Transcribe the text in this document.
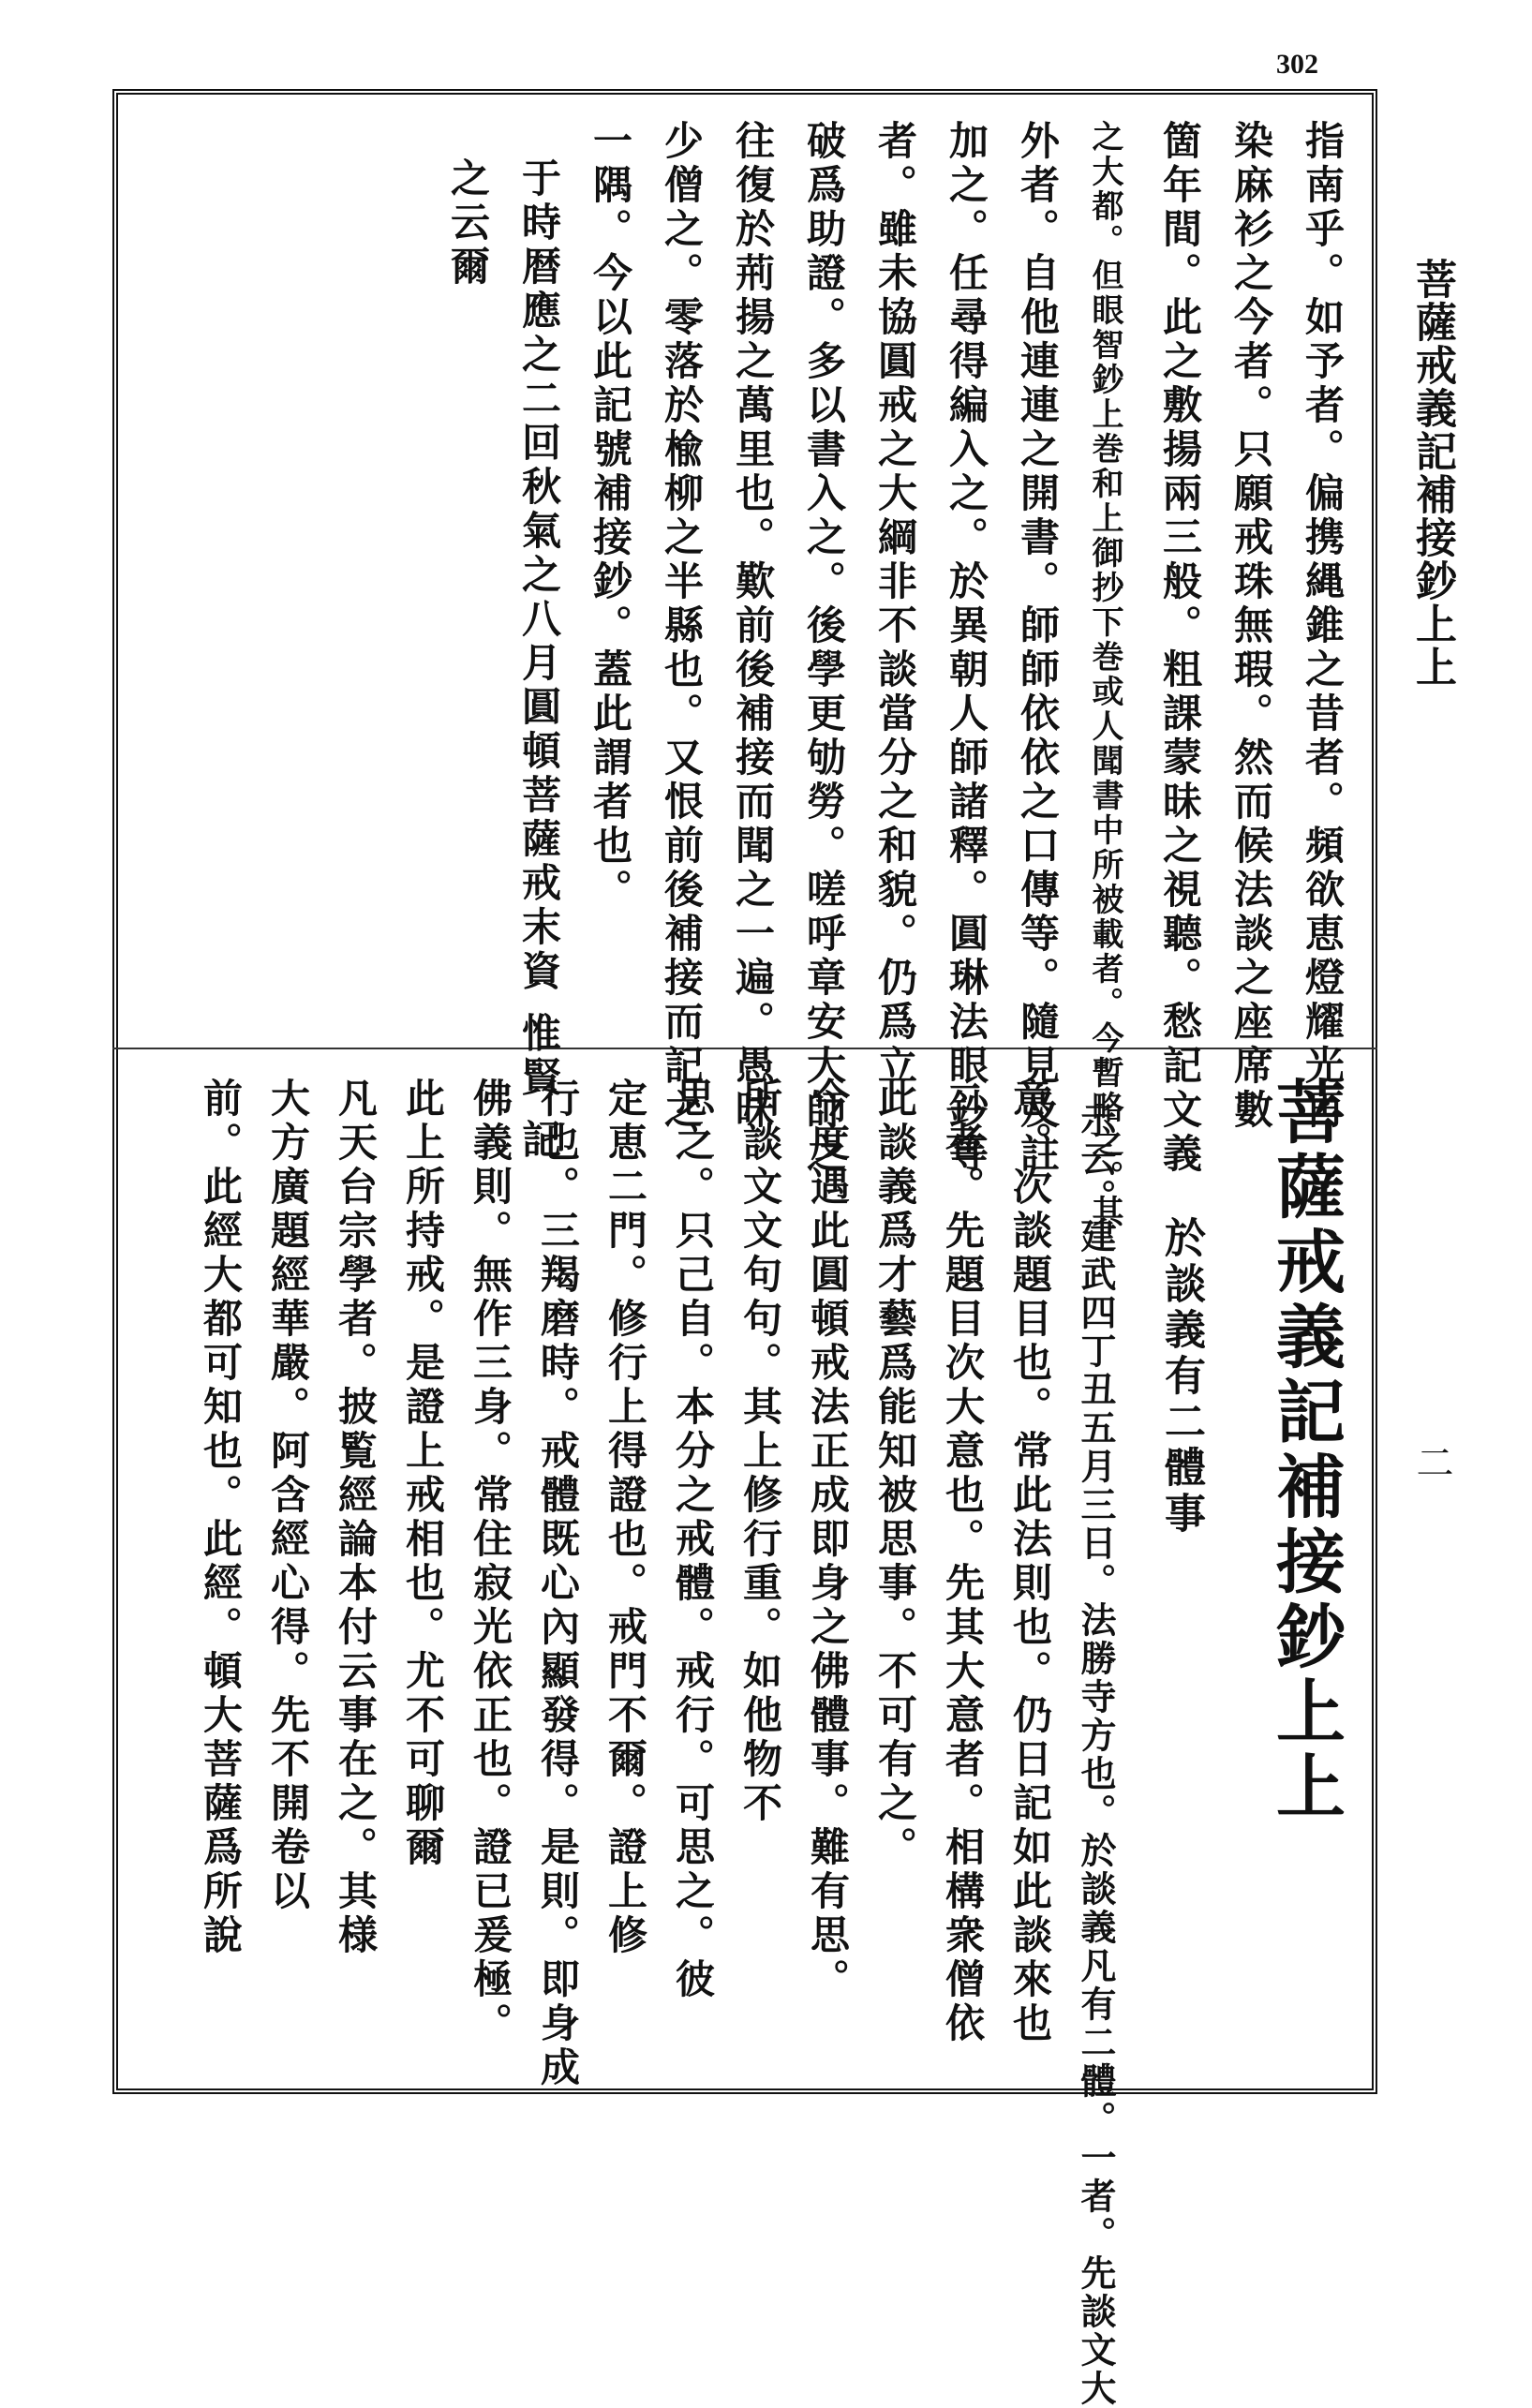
302
菩薩戒義記補接鈔上上
二
指南乎。如予者。偏携縄錐之昔者。頻欲恵燈耀光再
染麻衫之今者。只願戒珠無瑕。然而候法談之座席數
箇年間。此之敷揚兩三般。粗課蒙昧之視聽。愁記文義
之大都。但眼智鈔上巻和上御抄下巻或人聞書中所被載者。今暫略之。其
外者。自他連連之開書。師師依依之口傳等。隨見及註
加之。任尋得編入之。於異朝人師諸釋。圓琳法眼鈔等
者。雖未協圓戒之大綱非不談當分之和貌。仍爲立
破爲助證。多以書入之。後學更劬勞。嗟呼章安大師之
往復於荊揚之萬里也。歎前後補接而聞之一遍。愚昧
少僧之。零落於楡柳之半縣也。又恨前後補接而記之
一隅。今以此記號補接鈔。蓋此謂者也。
于時暦應之二回秋氣之八月圓頓菩薩戒末資 惟賢 記
之云爾
菩薩戒義記補接鈔上上
於談義有二體事
示云。建武四丁丑五月三日。法勝寺方也。於談義凡有二體。一者。先談文大
意。次談題目也。常此法則也。仍日記如此談來也
二者。先題目次大意也。先其大意者。相構衆僧依
此談義爲才藝爲能知被思事。不可有之。
今度遇此圓頓戒法正成即身之佛體事。難有思。
所談文文句句。其上修行重。如他物不
思之。只己自。本分之戒體。戒行。可思之。彼
定恵二門。修行上得證也。戒門不爾。證上修
行也。三羯磨時。戒體既心內顯發得。是則。即身成
佛義則。無作三身。常住寂光依正也。證已爰極。
此上所持戒。是證上戒相也。尤不可聊爾
凡天台宗學者。披覧經論本付云事在之。其様
大方廣題經華嚴。阿含經心得。先不開卷以
前。此經大都可知也。此經。頓大菩薩爲所說
